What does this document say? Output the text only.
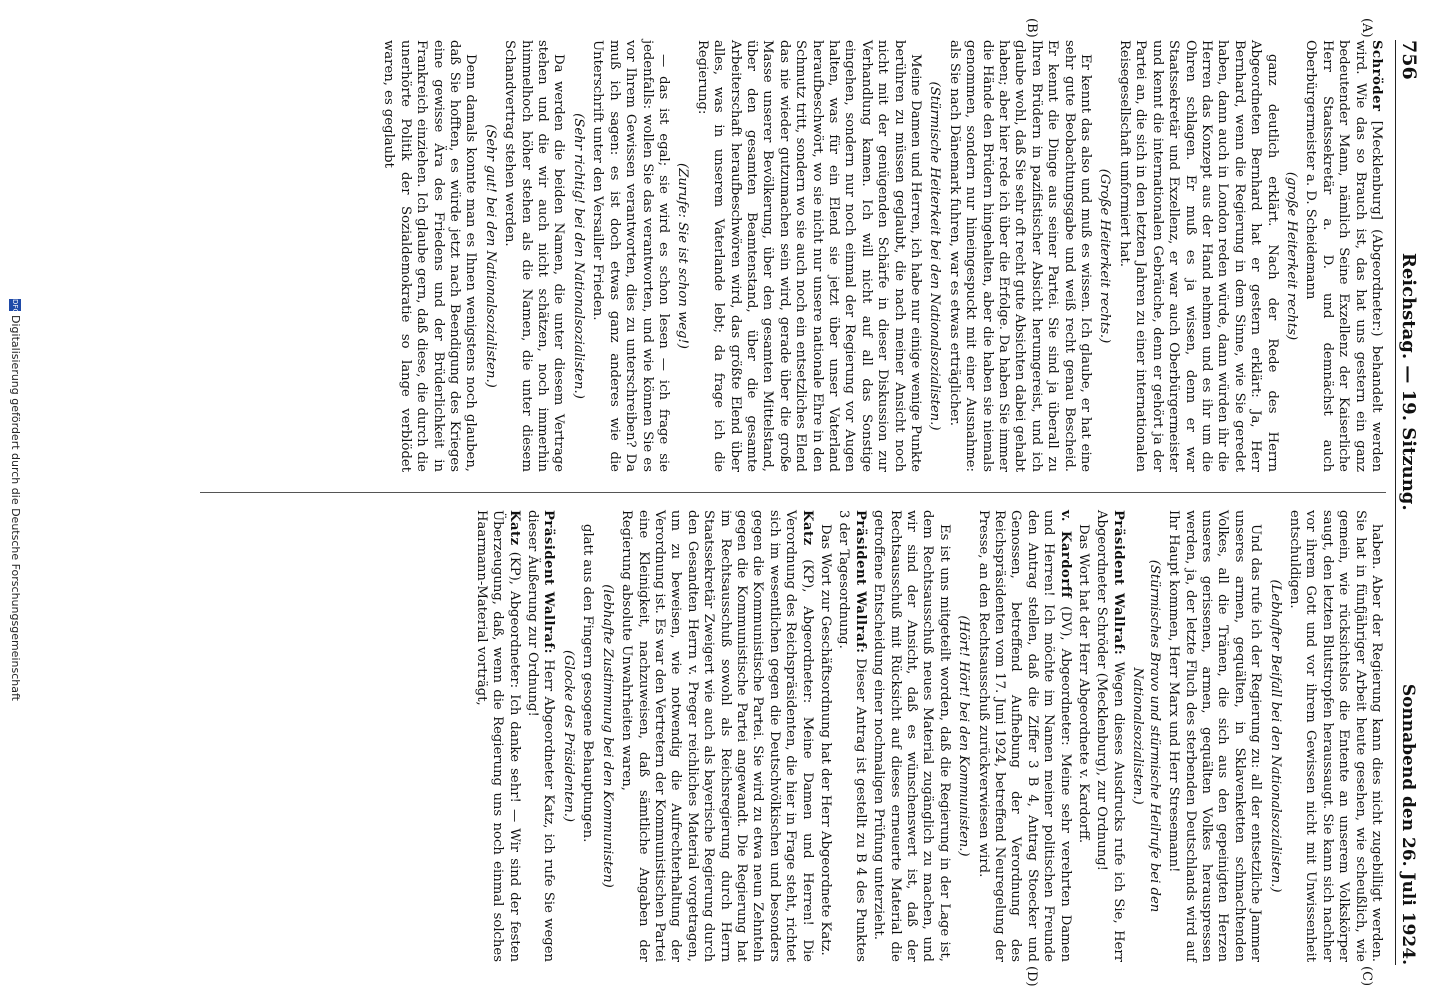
756
Reichstag. — 19. Sitzung.
Sonnabend den 26. Juli 1924.
(A)
(B)
(C)
(D)

Schröder [Mecklenburg] (Abgeordneter:) behandelt werden wird. Wie das so Brauch ist, das hat uns gestern ein ganz bedeutender Mann, nämlich Seine Exzellenz der Kaiserliche Herr Staatssekretär a. D. und demnächst auch Oberbürgermeister a. D. Scheidemann

(große Heiterkeit rechts)

ganz deutlich erklärt. Nach der Rede des Herrn Abgeordneten Bernhard hat er gestern erklärt: Ja, Herr Bernhard, wenn die Regierung in dem Sinne, wie Sie geredet haben, dann auch in London reden würde, dann würden ihr die Herren das Konzept aus der Hand nehmen und es ihr um die Ohren schlagen. Er muß es ja wissen, denn er war Staatssekretär und Exzellenz, er war auch Oberbürgermeister und kennt die internationalen Gebräuche, denn er gehört ja der Partei an, die sich in den letzten Jahren zu einer internationalen Reisegesellschaft umformiert hat.

(Große Heiterkeit rechts.)

Er kennt das also und muß es wissen. Ich glaube, er hat eine sehr gute Beobachtungsgabe und weiß recht genau Bescheid. Er kennt die Dinge aus seiner Partei. Sie sind ja überall zu Ihren Brüdern in pazifistischer Absicht herumgereist, und ich glaube wohl, daß Sie sehr oft recht gute Absichten dabei gehabt haben; aber hier rede ich über die Erfolge. Da haben Sie immer die Hände den Brüdern hingehalten, aber die haben sie niemals genommen, sondern nur hineingespuckt mit einer Ausnahme: als Sie nach Dänemark fuhren, war es etwas erträglicher.

(Stürmische Heiterkeit bei den Nationalsozialisten.)

Meine Damen und Herren, ich habe nur einige wenige Punkte berühren zu müssen geglaubt, die nach meiner Ansicht noch nicht mit der genügenden Schärfe in dieser Diskussion zur Verhandlung kamen. Ich will nicht auf all das Sonstige eingehen, sondern nur noch einmal der Regierung vor Augen halten, was für ein Elend sie jetzt über unser Vaterland heraufbeschwört, wo sie nicht nur unsere nationale Ehre in den Schmutz tritt, sondern wo sie auch noch ein entsetzliches Elend das nie wieder gutzumachen sein wird, gerade über die große Masse unserer Bevölkerung, über den gesamten Mittelstand, über den gesamten Beamtenstand, über die gesamte Arbeiterschaft heraufbeschwören wird, das größte Elend über alles, was in unserem Vaterlande lebt; da frage ich die Regierung:

(Zurufe: Sie ist schon weg!)

— das ist egal; sie wird es schon lesen — ich frage sie jedenfalls: wollen Sie das verantworten, und wie können Sie es vor Ihrem Gewissen verantworten, dies zu unterschreiben? Da muß ich sagen: es ist doch etwas ganz anderes wie die Unterschrift unter den Versailler Frieden.

(Sehr richtig! bei den Nationalsozialisten.)

Da werden die beiden Namen, die unter diesem Vertrage stehen und die wir auch nicht schätzen, noch immerhin himmelhoch höher stehen als die Namen, die unter diesem Schandvertrag stehen werden.

(Sehr gut! bei den Nationalsozialisten.)

Denn damals konnte man es Ihnen wenigstens noch glauben, daß Sie hofften, es würde jetzt nach Beendigung des Krieges eine gewisse Ära des Friedens und der Brüderlichkeit in Frankreich einziehen. Ich glaube gern, daß diese, die durch die unerhörte Politik der Sozialdemokratie so lange verblödet waren, es geglaubt

haben. Aber der Regierung kann dies nicht zugebilligt werden. Sie hat in fünfjähriger Arbeit heute gesehen, wie scheußlich, wie gemein, wie rücksichtslos die Entente an unserem Volkskörper saugt, den letzten Blutstropfen heraussaugt. Sie kann sich nachher vor ihrem Gott und vor ihrem Gewissen nicht mit Unwissenheit entschuldigen.

(Lebhafter Beifall bei den Nationalsozialisten.)

Und das rufe ich der Regierung zu: all der entsetzliche Jammer unseres armen, gequälten, in Sklavenketten schmachtenden Volkes, all die Tränen, die sich aus den gepeinigten Herzen unseres gerissenen, armen, gequälten Volkes herauspressen werden, ja, der letzte Fluch des sterbenden Deutschlands wird auf Ihr Haupt kommen, Herr Marx und Herr Stresemann!

(Stürmisches Bravo und stürmische Heilrufe bei den Nationalsozialisten.)

Präsident Wallraf: Wegen dieses Ausdrucks rufe ich Sie, Herr Abgeordneter Schröder (Mecklenburg), zur Ordnung!

Das Wort hat der Herr Abgeordnete v. Kardorff.

v. Kardorff (DV), Abgeordneter: Meine sehr verehrten Damen und Herren! Ich möchte im Namen meiner politischen Freunde den Antrag stellen, daß die Ziffer 3 B 4, Antrag Stoecker und Genossen, betreffend Aufhebung der Verordnung des Reichspräsidenten vom 17. Juni 1924, betreffend Neuregelung der Presse, an den Rechtsausschuß zurückverwiesen wird.

(Hört! Hört! bei den Kommunisten.)

Es ist uns mitgeteilt worden, daß die Regierung in der Lage ist, dem Rechtsausschuß neues Material zugänglich zu machen, und wir sind der Ansicht, daß es wünschenswert ist, daß der Rechtsausschuß mit Rücksicht auf dieses erneuerte Material die getroffene Entscheidung einer nochmaligen Prüfung unterzieht.

Präsident Wallraf: Dieser Antrag ist gestellt zu B 4 des Punktes 3 der Tagesordnung.

Das Wort zur Geschäftsordnung hat der Herr Abgeordnete Katz.

Katz (KP), Abgeordneter: Meine Damen und Herren! Die Verordnung des Reichspräsidenten, die hier in Frage steht, richtet sich im wesentlichen gegen die Deutschvölkischen und besonders gegen die Kommunistische Partei. Sie wird zu etwa neun Zehnteln gegen die Kommunistische Partei angewandt. Die Regierung hat im Rechtsausschuß sowohl als Reichsregierung durch Herrn Staatssekretär Zweigert wie auch als bayerische Regierung durch den Gesandten Herrn v. Preger reichliches Material vorgetragen, um zu beweisen, wie notwendig die Aufrechterhaltung der Verordnung ist. Es war den Vertretern der Kommunistischen Partei eine Kleinigkeit, nachzuweisen, daß sämtliche Angaben der Regierung absolute Unwahrheiten waren,

(lebhafte Zustimmung bei den Kommunisten)

glatt aus den Fingern gesogene Behauptungen.

(Glocke des Präsidenten.)

Präsident Wallraf: Herr Abgeordneter Katz, ich rufe Sie wegen dieser Äußerung zur Ordnung!

Katz (KP), Abgeordneter: Ich danke sehr! — Wir sind der festen Überzeugung, daß, wenn die Regierung uns noch einmal solches Haarmann-Material vorträgt,

DFGDigitalisierung gefördert durch die Deutsche Forschungsgemeinschaft
